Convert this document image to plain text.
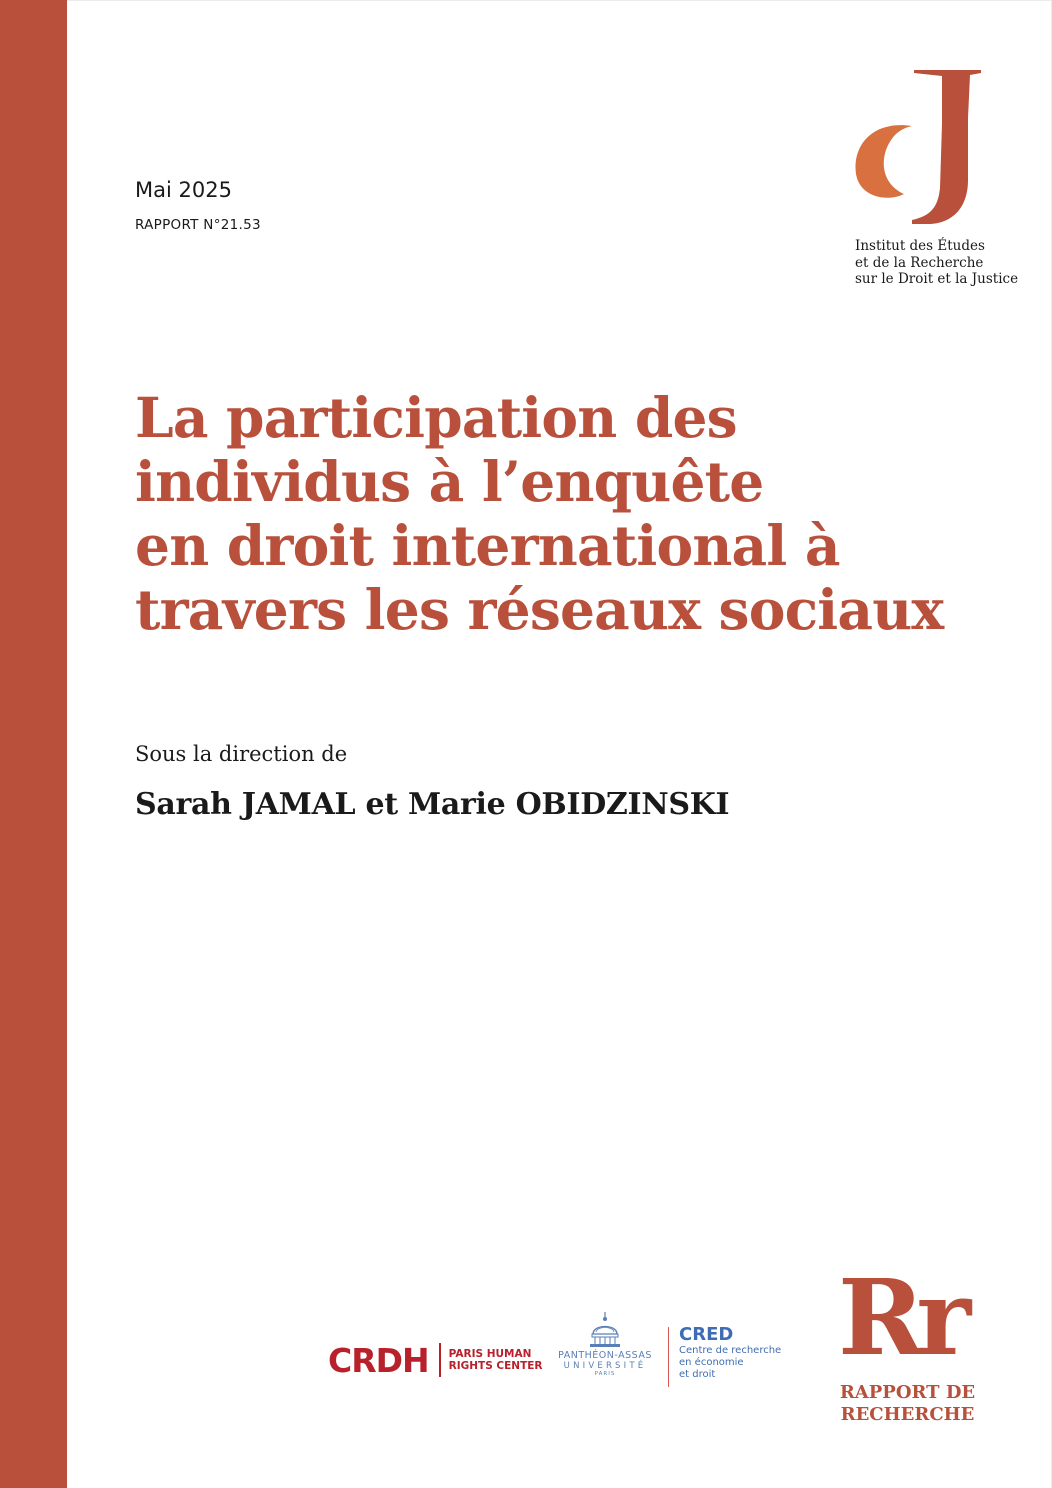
Mai 2025
RAPPORT N°21.53
Institut des Études
et de la Recherche
sur le Droit et la Justice
La participation des
individus à l’enquête
en droit international à
travers les réseaux sociaux
Sous la direction de
Sarah JAMAL et Marie OBIDZINSKI
CRDH PARIS HUMAN
RIGHTS CENTER
PANTHÉON-ASSAS
UNIVERSITÉ
PARIS
CRED
Centre de recherche
en économie
et droit	Rr
RAPPORT DE
RECHERCHE
